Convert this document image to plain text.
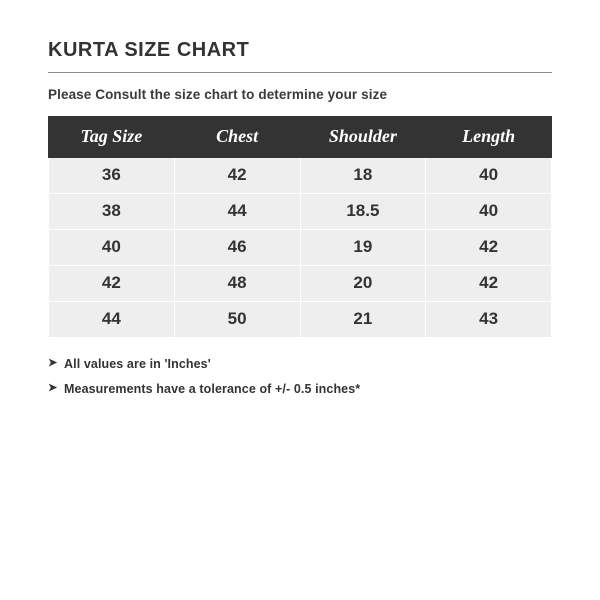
KURTA SIZE CHART
Please Consult the size chart to determine your size
Tag Size	Chest	Shoulder	Length
36	42	18	40
38	44	18.5	40
40	46	19	42
42	48	20	42
44	50	21	43
➤ All values are in 'Inches'
➤ Measurements have a tolerance of +/- 0.5 inches*
